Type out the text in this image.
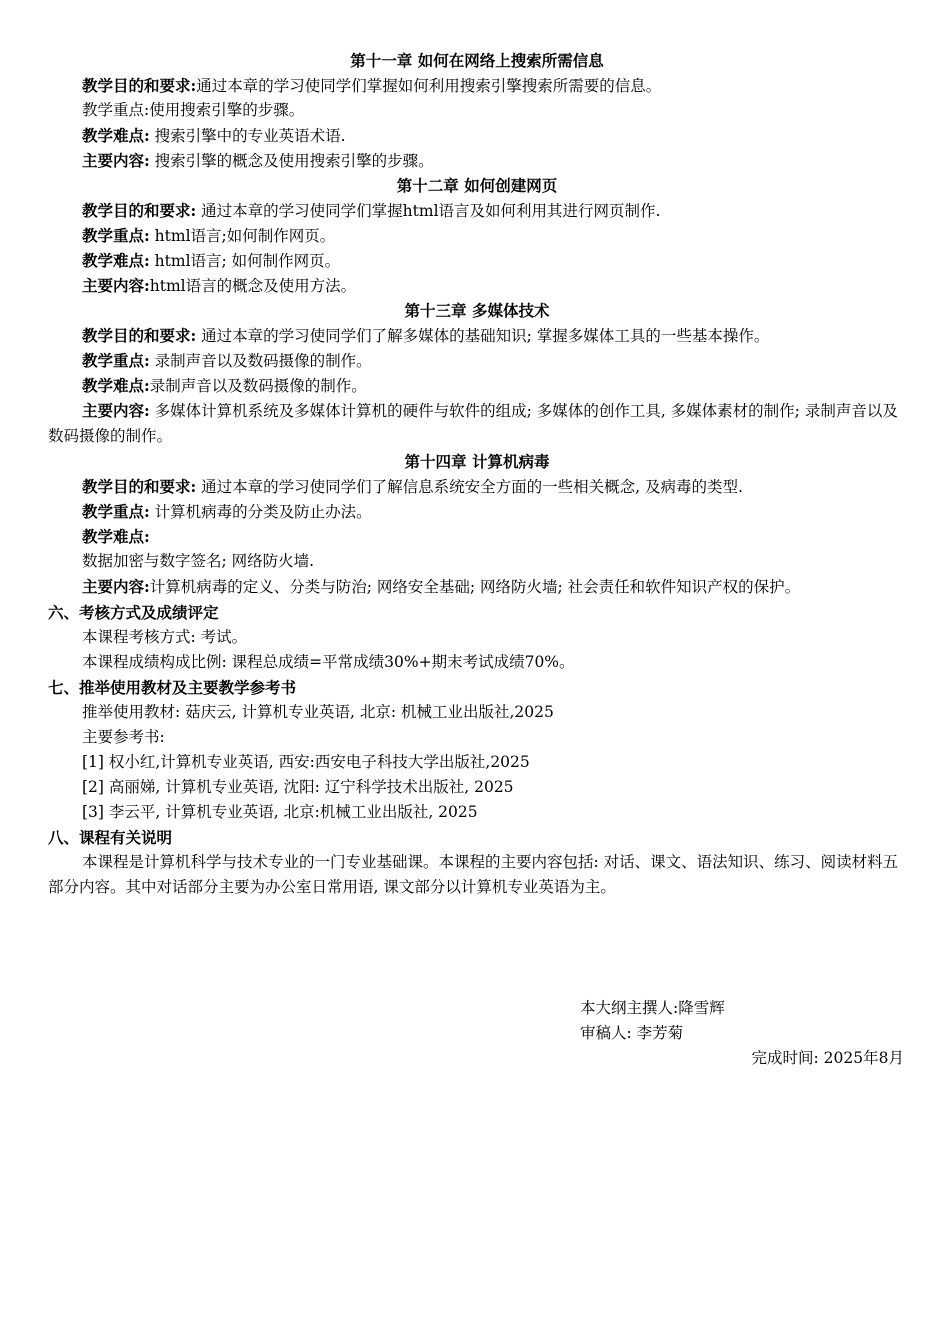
第十一章 如何在网络上搜索所需信息
教学目的和要求:通过本章的学习使同学们掌握如何利用搜索引擎搜索所需要的信息。
教学重点:使用搜索引擎的步骤。
教学难点: 搜索引擎中的专业英语术语.
主要内容: 搜索引擎的概念及使用搜索引擎的步骤。
第十二章 如何创建网页
教学目的和要求: 通过本章的学习使同学们掌握html语言及如何利用其进行网页制作.
教学重点: html语言;如何制作网页。
教学难点: html语言; 如何制作网页。
主要内容:html语言的概念及使用方法。
第十三章 多媒体技术
教学目的和要求: 通过本章的学习使同学们了解多媒体的基础知识; 掌握多媒体工具的一些基本操作。
教学重点: 录制声音以及数码摄像的制作。
教学难点:录制声音以及数码摄像的制作。
主要内容: 多媒体计算机系统及多媒体计算机的硬件与软件的组成; 多媒体的创作工具, 多媒体素材的制作; 录制声音以及数码摄像的制作。
第十四章 计算机病毒
教学目的和要求: 通过本章的学习使同学们了解信息系统安全方面的一些相关概念, 及病毒的类型.
教学重点: 计算机病毒的分类及防止办法。
教学难点:
数据加密与数字签名; 网络防火墙.
主要内容:计算机病毒的定义、分类与防治; 网络安全基础; 网络防火墙; 社会责任和软件知识产权的保护。
六、考核方式及成绩评定
本课程考核方式: 考试。
本课程成绩构成比例: 课程总成绩=平常成绩30%+期末考试成绩70%。
七、推举使用教材及主要教学参考书
推举使用教材: 菇庆云, 计算机专业英语, 北京: 机械工业出版社,2025
主要参考书:
[1] 权小红,计算机专业英语, 西安:西安电子科技大学出版社,2025
[2] 高丽娣, 计算机专业英语, 沈阳: 辽宁科学技术出版社, 2025
[3] 李云平, 计算机专业英语, 北京:机械工业出版社, 2025
八、课程有关说明
本课程是计算机科学与技术专业的一门专业基础课。本课程的主要内容包括: 对话、课文、语法知识、练习、阅读材料五部分内容。其中对话部分主要为办公室日常用语, 课文部分以计算机专业英语为主。
本大纲主撰人:降雪辉
审稿人: 李芳菊
完成时间: 2025年8月
